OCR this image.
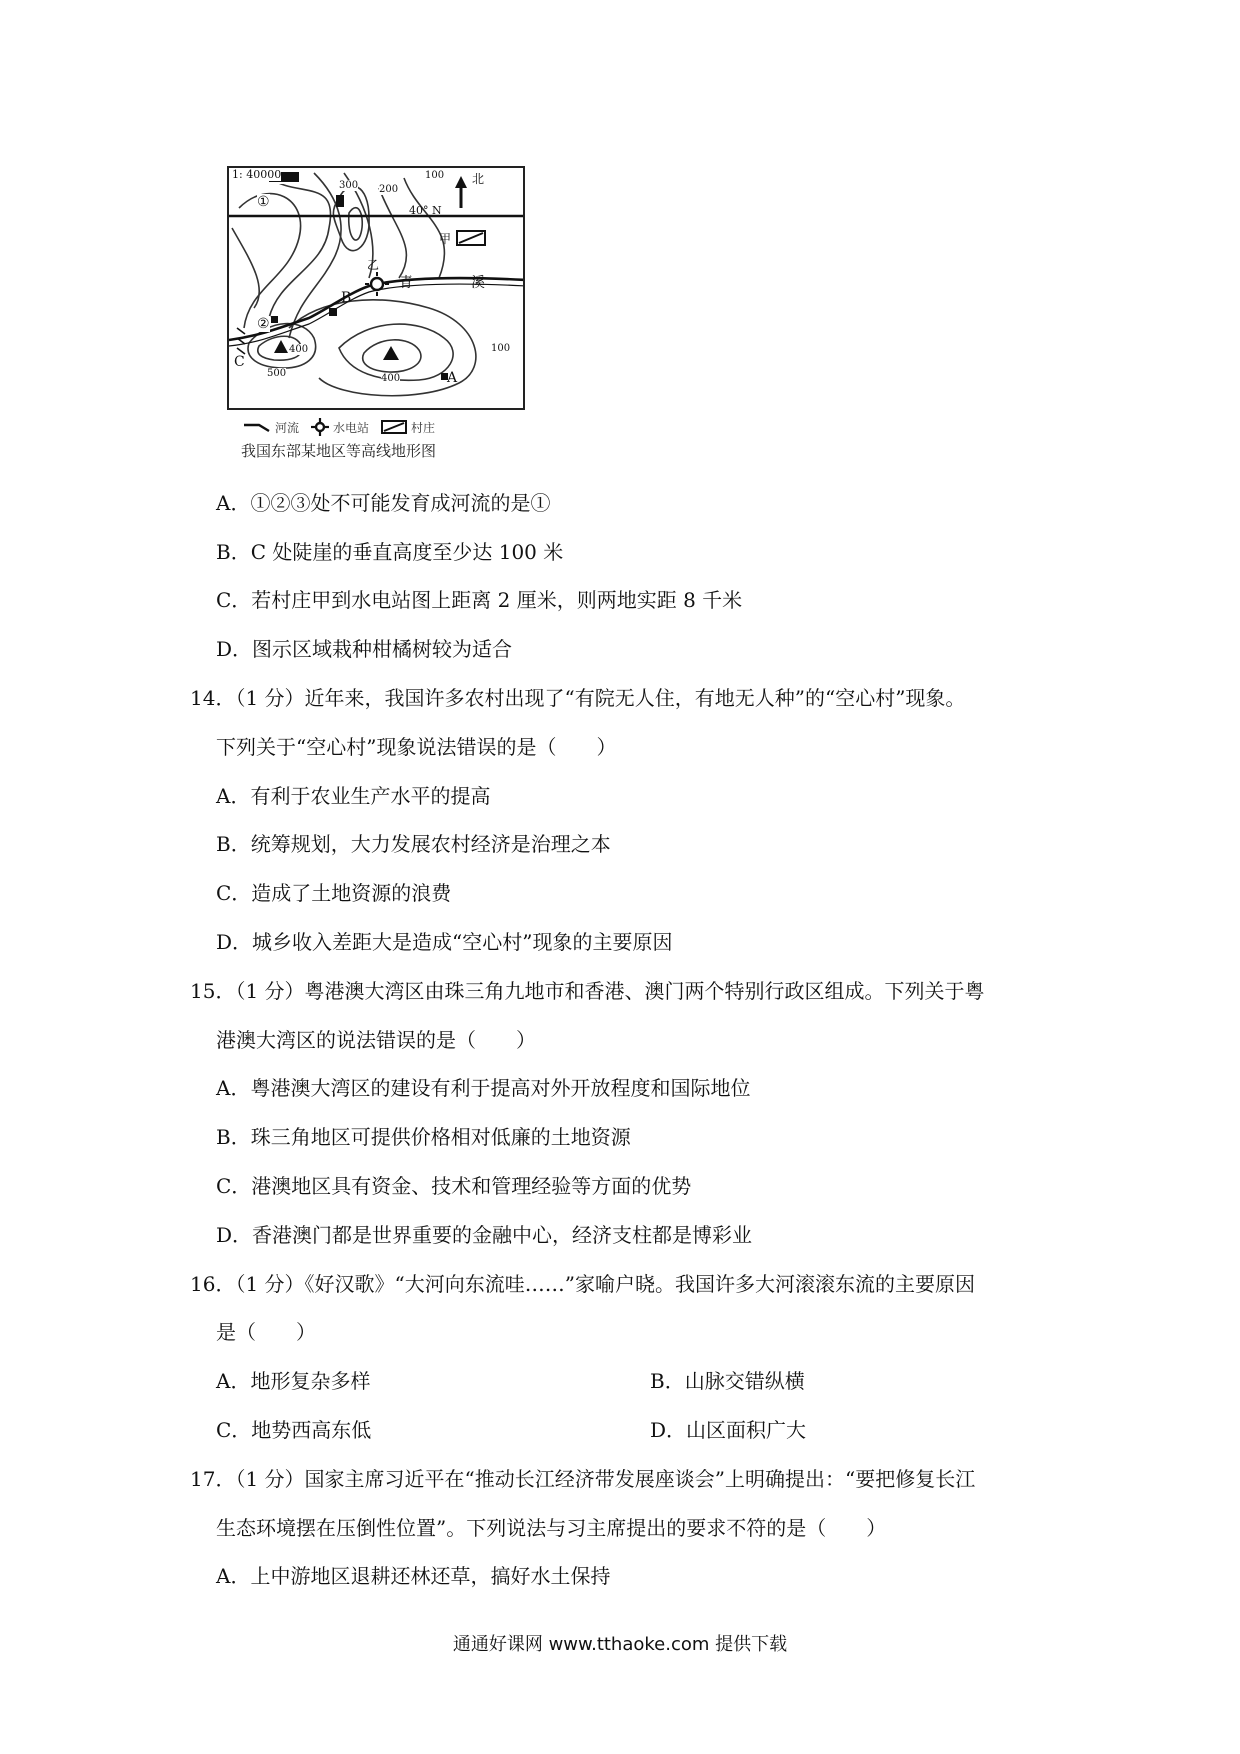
1: 40000	北
40° N
甲
乙
青	溪
A
B
C
①
②
100
200
300
400
400
500
100
河流	水电站	村庄
我国东部某地区等高线地形图
A．①②③处不可能发育成河流的是①
B．C 处陡崖的垂直高度至少达 100 米
C．若村庄甲到水电站图上距离 2 厘米，则两地实距 8 千米
D．图示区域栽种柑橘树较为适合
14．（1 分）近年来，我国许多农村出现了“有院无人住，有地无人种”的“空心村”现象。
下列关于“空心村”现象说法错误的是（　　）
A．有利于农业生产水平的提高
B．统筹规划，大力发展农村经济是治理之本
C．造成了土地资源的浪费
D．城乡收入差距大是造成“空心村”现象的主要原因
15．（1 分）粤港澳大湾区由珠三角九地市和香港、澳门两个特别行政区组成。下列关于粤
港澳大湾区的说法错误的是（　　）
A．粤港澳大湾区的建设有利于提高对外开放程度和国际地位
B．珠三角地区可提供价格相对低廉的土地资源
C．港澳地区具有资金、技术和管理经验等方面的优势
D．香港澳门都是世界重要的金融中心，经济支柱都是博彩业
16．（1 分）《好汉歌》“大河向东流哇……”家喻户晓。我国许多大河滚滚东流的主要原因
是（　　）
A．地形复杂多样	B．山脉交错纵横
C．地势西高东低	D．山区面积广大
17．（1 分）国家主席习近平在“推动长江经济带发展座谈会”上明确提出：“要把修复长江
生态环境摆在压倒性位置”。下列说法与习主席提出的要求不符的是（　　）
A．上中游地区退耕还林还草，搞好水土保持
通通好课网 www.tthaoke.com 提供下载
